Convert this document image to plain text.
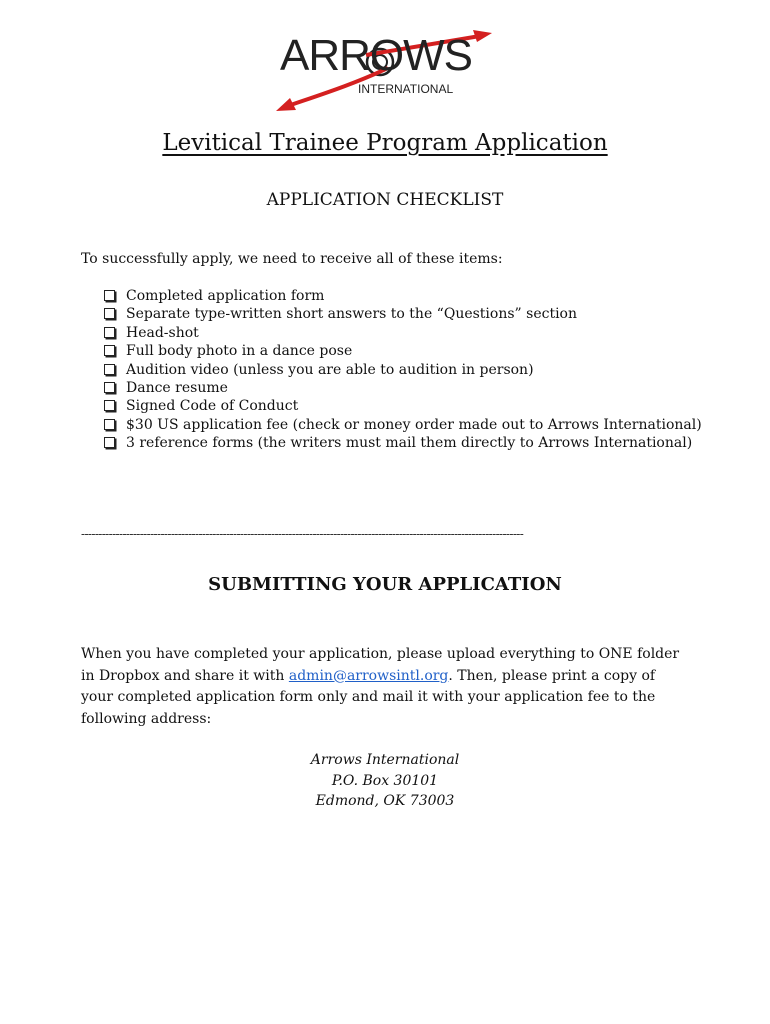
ARROWS
INTERNATIONAL
Levitical Trainee Program Application
APPLICATION CHECKLIST
To successfully apply, we need to receive all of these items:
Completed application form
Separate type-written short answers to the “Questions” section
Head-shot
Full body photo in a dance pose
Audition video (unless you are able to audition in person)
Dance resume
Signed Code of Conduct
$30 US application fee (check or money order made out to Arrows International)
3 reference forms (the writers must mail them directly to Arrows International)
--------------------------------------------------------------------------------------------------------------------------------
SUBMITTING YOUR APPLICATION
When you have completed your application, please upload everything to ONE folder in Dropbox and share it with admin@arrowsintl.org. Then, please print a copy of your completed application form only and mail it with your application fee to the following address:
Arrows International
P.O. Box 30101
Edmond, OK 73003
